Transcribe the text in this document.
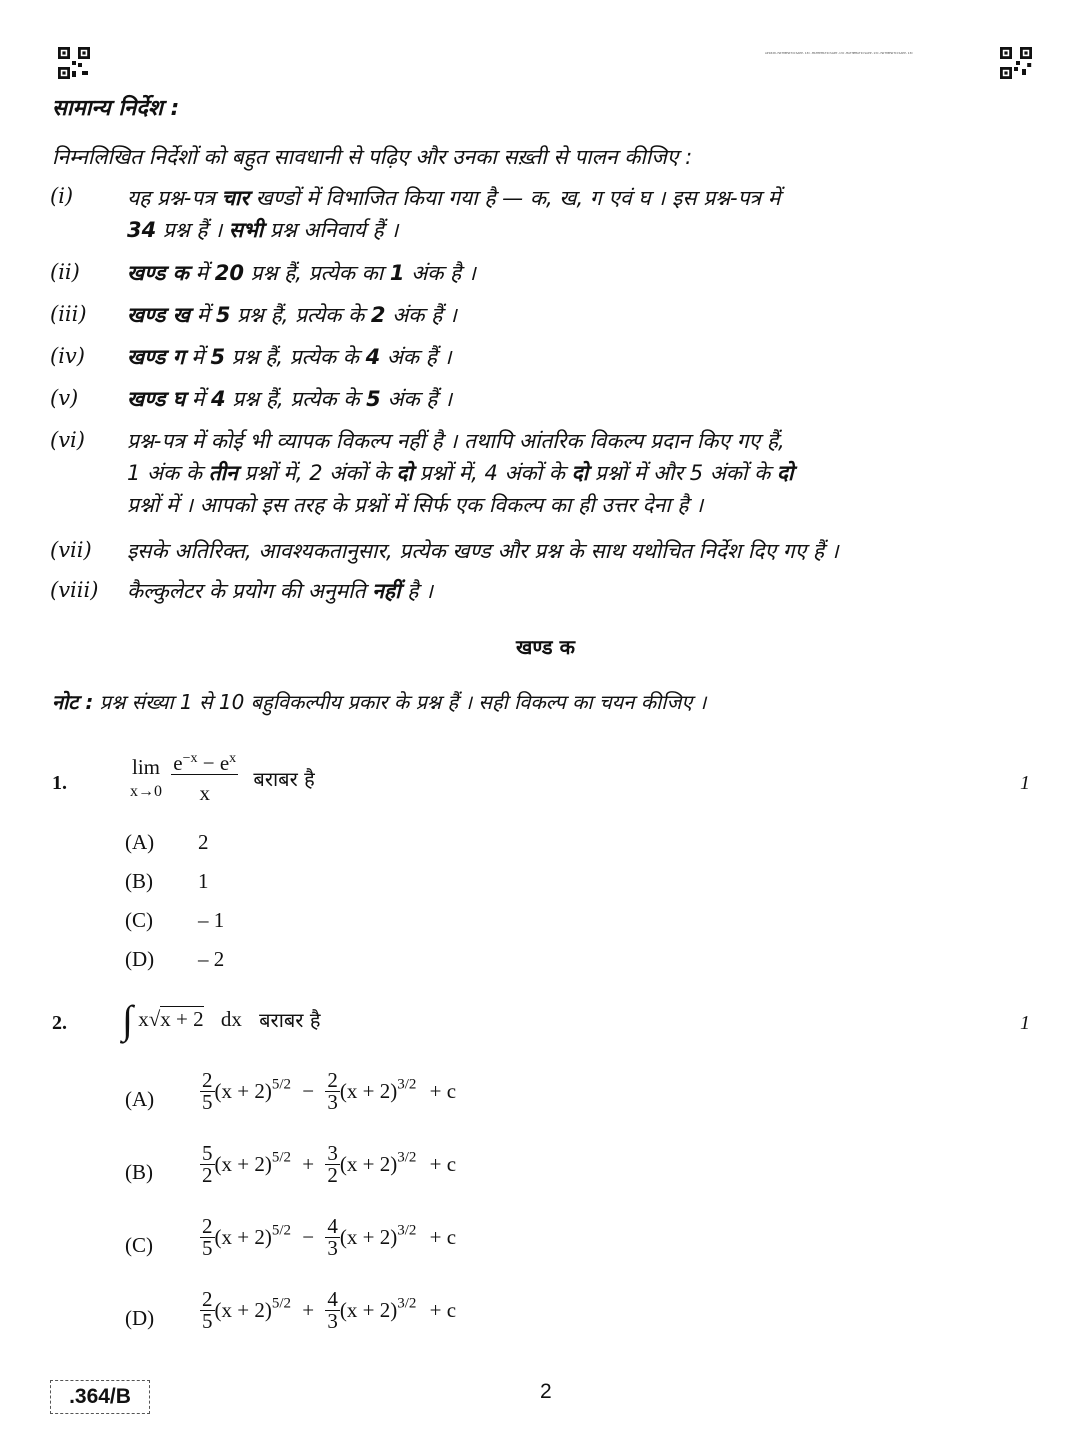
AP1820·MATHEMATICSAPP·13C·MATHEMATICSAPP·13C·MATHEMATICSAPP·13C·MATHEMATICSAPP·13C
सामान्य निर्देश :
निम्नलिखित निर्देशों को बहुत सावधानी से पढ़िए और उनका सख़्ती से पालन कीजिए :
(i)	यह प्रश्न-पत्र चार खण्डों में विभाजित किया गया है — क, ख, ग एवं घ । इस प्रश्न-पत्र में
34 प्रश्न हैं । सभी प्रश्न अनिवार्य हैं ।
(ii) खण्ड क में 20 प्रश्न हैं, प्रत्येक का 1 अंक है ।
(iii) खण्ड ख में 5 प्रश्न हैं, प्रत्येक के 2 अंक हैं ।
(iv) खण्ड ग में 5 प्रश्न हैं, प्रत्येक के 4 अंक हैं ।
(v) खण्ड घ में 4 प्रश्न हैं, प्रत्येक के 5 अंक हैं ।
(vi) प्रश्न-पत्र में कोई भी व्यापक विकल्प नहीं है । तथापि आंतरिक विकल्प प्रदान किए गए हैं,
1 अंक के तीन प्रश्नों में, 2 अंकों के दो प्रश्नों में, 4 अंकों के दो प्रश्नों में और 5 अंकों के दो
प्रश्नों में । आपको इस तरह के प्रश्नों में सिर्फ एक विकल्प का ही उत्तर देना है ।
(vii) इसके अतिरिक्त, आवश्यकतानुसार, प्रत्येक खण्ड और प्रश्न के साथ यथोचित निर्देश दिए गए हैं ।
(viii) कैल्कुलेटर के प्रयोग की अनुमति नहीं है ।
खण्ड क
नोट : प्रश्न संख्या 1 से 10 बहुविकल्पीय प्रकार के प्रश्न हैं । सही विकल्प का चयन कीजिए ।
1.
lim
x→0
$\frac{e^{-x} - e^x}{x}$ बराबर है	1
(A) 2
(B) 1
(C) – 1
(D) – 2
2. ∫ x√x + 2 dx बराबर है	1
$(A) \frac{2}{5} (x + 2)^{5/2} - \frac{2}{3} (x + 2)^{3/2} + c$
$(B) \frac{5}{2} (x + 2)^{5/2} + \frac{3}{2} (x + 2)^{3/2} + c$
$(C) \frac{2}{5} (x + 2)^{5/2} - \frac{4}{3} (x + 2)^{3/2} + c$
$(D) \frac{2}{5} (x + 2)^{5/2} + \frac{4}{3} (x + 2)^{3/2} + c$
.364/B	2
